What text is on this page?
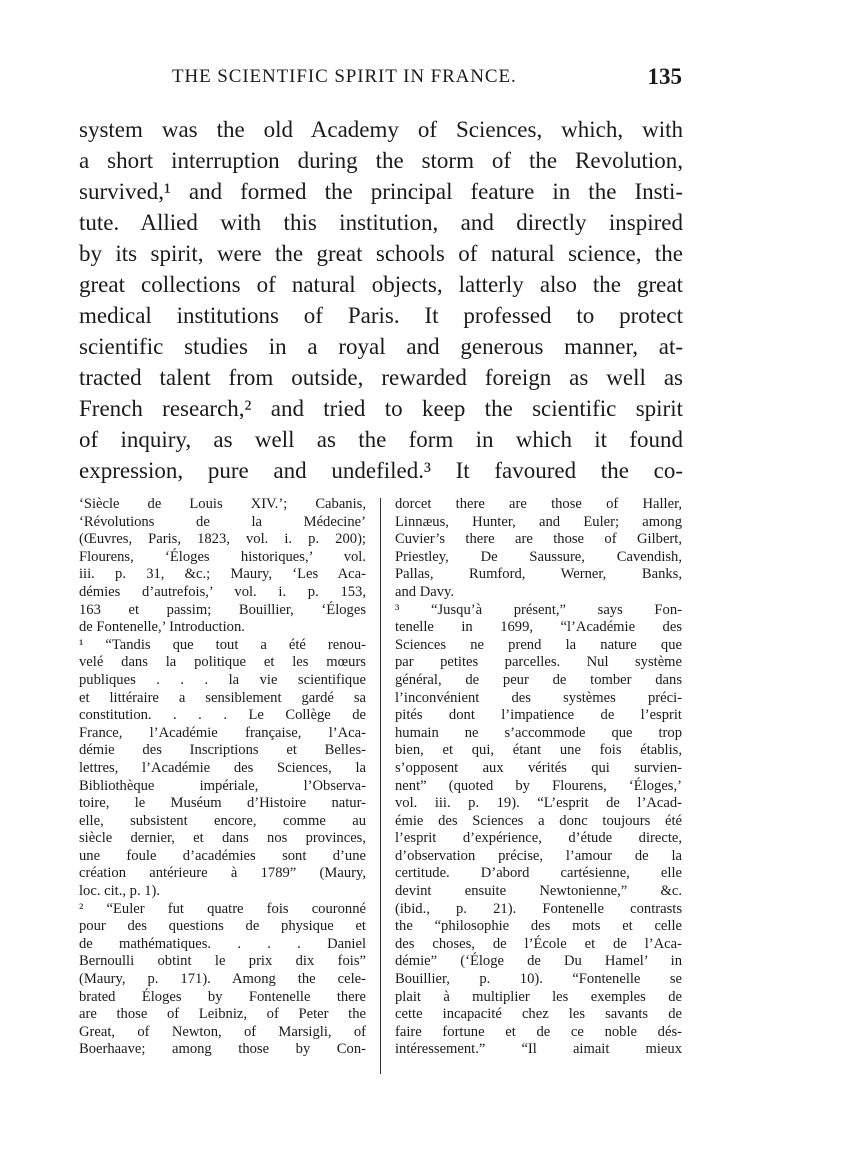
THE SCIENTIFIC SPIRIT IN FRANCE.	135
system was the old Academy of Sciences, which, with
a short interruption during the storm of the Revolution,
survived,¹ and formed the principal feature in the Insti-
tute. Allied with this institution, and directly inspired
by its spirit, were the great schools of natural science, the
great collections of natural objects, latterly also the great
medical institutions of Paris. It professed to protect
scientific studies in a royal and generous manner, at-
tracted talent from outside, rewarded foreign as well as
French research,² and tried to keep the scientific spirit
of inquiry, as well as the form in which it found
expression, pure and undefiled.³ It favoured the co-
‘Siècle de Louis XIV.’; Cabanis,
‘Révolutions de la Médecine’
(Œuvres, Paris, 1823, vol. i. p. 200);
Flourens, ‘Éloges historiques,’ vol.
iii. p. 31, &c.; Maury, ‘Les Aca-
démies d’autrefois,’ vol. i. p. 153,
163 et passim; Bouillier, ‘Éloges
de Fontenelle,’ Introduction.
¹ “Tandis que tout a été renou-
velé dans la politique et les mœurs
publiques . . . la vie scientifique
et littéraire a sensiblement gardé sa
constitution. . . . Le Collège de
France, l’Académie française, l’Aca-
démie des Inscriptions et Belles-
lettres, l’Académie des Sciences, la
Bibliothèque impériale, l’Observa-
toire, le Muséum d’Histoire natur-
elle, subsistent encore, comme au
siècle dernier, et dans nos provinces,
une foule d’académies sont d’une
création antérieure à 1789” (Maury,
loc. cit., p. 1).
² “Euler fut quatre fois couronné
pour des questions de physique et
de mathématiques. . . . Daniel
Bernoulli obtint le prix dix fois”
(Maury, p. 171). Among the cele-
brated Éloges by Fontenelle there
are those of Leibniz, of Peter the
Great, of Newton, of Marsigli, of
Boerhaave; among those by Con-
dorcet there are those of Haller,
Linnæus, Hunter, and Euler; among
Cuvier’s there are those of Gilbert,
Priestley, De Saussure, Cavendish,
Pallas, Rumford, Werner, Banks,
and Davy.
³ “Jusqu’à présent,” says Fon-
tenelle in 1699, “l’Académie des
Sciences ne prend la nature que
par petites parcelles. Nul système
général, de peur de tomber dans
l’inconvénient des systèmes préci-
pités dont l’impatience de l’esprit
humain ne s’accommode que trop
bien, et qui, étant une fois établis,
s’opposent aux vérités qui survien-
nent” (quoted by Flourens, ‘Éloges,’
vol. iii. p. 19). “L’esprit de l’Acad-
émie des Sciences a donc toujours été
l’esprit d’expérience, d’étude directe,
d’observation précise, l’amour de la
certitude. D’abord cartésienne, elle
devint ensuite Newtonienne,” &c.
(ibid., p. 21). Fontenelle contrasts
the “philosophie des mots et celle
des choses, de l’École et de l’Aca-
démie” (‘Éloge de Du Hamel’ in
Bouillier, p. 10). “Fontenelle se
plait à multiplier les exemples de
cette incapacité chez les savants de
faire fortune et de ce noble dés-
intéressement.” “Il aimait mieux
